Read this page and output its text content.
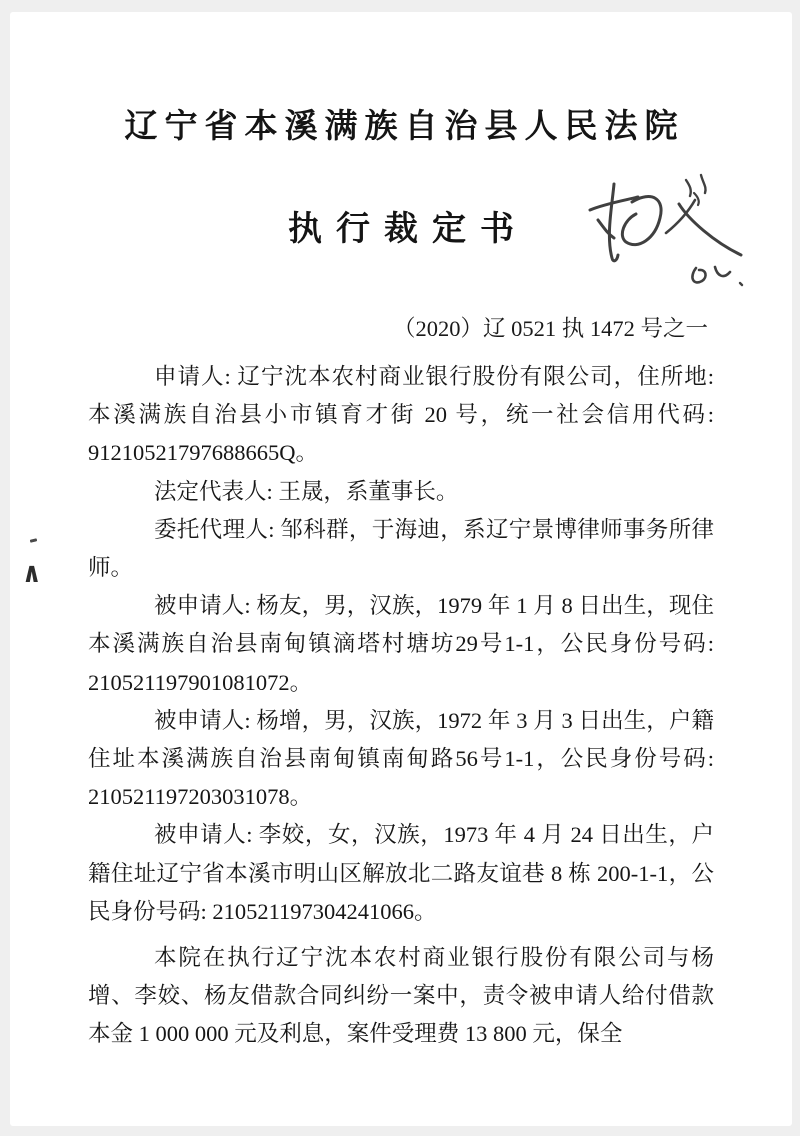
辽宁省本溪满族自治县人民法院
执行裁定书
（2020）辽 0521 执 1472 号之一

申请人: 辽宁沈本农村商业银行股份有限公司，住所地: 本溪满族自治县小市镇育才街 20 号，统一社会信用代码: 91210521797688665Q。

法定代表人: 王晟，系董事长。

委托代理人: 邹科群，于海迪，系辽宁景博律师事务所律师。

被申请人: 杨友，男，汉族，1979 年 1 月 8 日出生，现住本溪满族自治县南甸镇滴塔村塘坊29号1-1，公民身份号码: 210521197901081072。

被申请人: 杨增，男，汉族，1972 年 3 月 3 日出生，户籍住址本溪满族自治县南甸镇南甸路56号1-1，公民身份号码: 210521197203031078。

被申请人: 李姣，女，汉族，1973 年 4 月 24 日出生，户籍住址辽宁省本溪市明山区解放北二路友谊巷 8 栋 200-1-1，公民身份号码: 210521197304241066。

本院在执行辽宁沈本农村商业银行股份有限公司与杨增、李姣、杨友借款合同纠纷一案中，责令被申请人给付借款本金 1 000 000 元及利息，案件受理费 13 800 元，保全

∧
